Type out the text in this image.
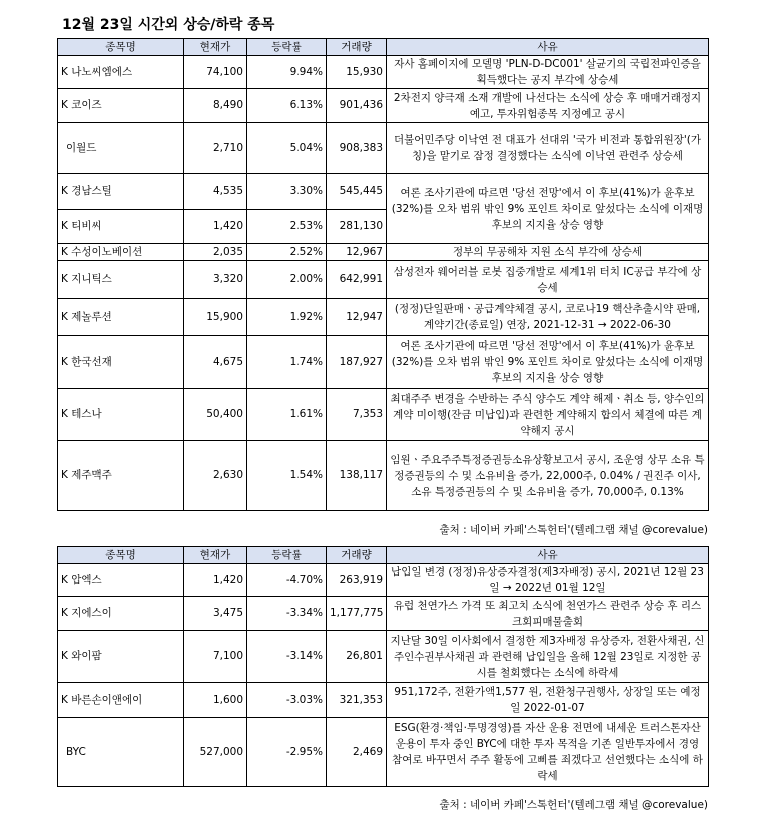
12월 23일 시간외 상승/하락 종목
종목명	현재가	등락률	거래량	사유
K 나노씨엠에스	74,100	9.94%	15,930	자사 홈페이지에 모델명 'PLN-D-DC001' 살균기의 국립전파인증을 획득했다는 공지 부각에 상승세
K 코이즈	8,490	6.13%	901,436	2차전지 양극재 소재 개발에 나선다는 소식에 상승 후 매매거래정지 예고, 투자위험종목 지정예고 공시
이월드	2,710	5.04%	908,383	더불어민주당 이낙연 전 대표가 선대위 '국가 비전과 통합위원장'(가칭)을 맡기로 잠정 결정했다는 소식에 이낙연 관련주 상승세
K 경남스틸	4,535	3.30%	545,445	여론 조사기관에 따르면 '당선 전망'에서 이 후보(41%)가 윤후보(32%)를 오차 범위 밖인 9% 포인트 차이로 앞섰다는 소식에 이재명 후보의 지지율 상승 영향
K 티비씨	1,420	2.53%	281,130	
K 수성이노베이션	2,035	2.52%	12,967	정부의 무공해차 지원 소식 부각에 상승세
K 지니틱스	3,320	2.00%	642,991	삼성전자 웨어러블 로봇 집중개발로 세계1위 터치 IC공급 부각에 상승세
K 제놀루션	15,900	1.92%	12,947	(정정)단일판매ㆍ공급계약체결 공시, 코로나19 핵산추출시약 판매, 계약기간(종료일) 연장, 2021-12-31 → 2022-06-30
K 한국선재	4,675	1.74%	187,927	여론 조사기관에 따르면 '당선 전망'에서 이 후보(41%)가 윤후보(32%)를 오차 범위 밖인 9% 포인트 차이로 앞섰다는 소식에 이재명 후보의 지지율 상승 영향
K 테스나	50,400	1.61%	7,353	최대주주 변경을 수반하는 주식 양수도 계약 해제ㆍ취소 등, 양수인의 계약 미이행(잔금 미납입)과 관련한 계약해지 합의서 체결에 따른 계약해지 공시
K 제주맥주	2,630	1.54%	138,117	임원ㆍ주요주주특정증권등소유상황보고서 공시, 조운영 상무 소유 특정증권등의 수 및 소유비율 증가, 22,000주, 0.04% / 권진주 이사, 소유 특정증권등의 수 및 소유비율 증가, 70,000주, 0.13%
출처 : 네이버 카페'스톡헌터'(텔레그램 채널 @corevalue)
종목명	현재가	등락률	거래량	사유
K 압엑스	1,420	-4.70%	263,919	납입일 변경 (정정)유상증자결정(제3자배정) 공시, 2021년 12월 23일 → 2022년 01월 12일
K 지에스이	3,475	-3.34%	1,177,775	유럽 천연가스 가격 또 최고치 소식에 천연가스 관련주 상승 후 리스크회피매물출회
K 와이팜	7,100	-3.14%	26,801	지난달 30일 이사회에서 결정한 제3자배정 유상증자, 전환사채권, 신주인수권부사채권 과 관련해 납입일을 올해 12월 23일로 지정한 공시를 철회했다는 소식에 하락세
K 바른손이앤에이	1,600	-3.03%	321,353	951,172주, 전환가액1,577 원, 전환청구권행사, 상장일 또는 예정일 2022-01-07
BYC	527,000	-2.95%	2,469	ESG(환경·책임·투명경영)를 자산 운용 전면에 내세운 트러스톤자산운용이 투자 중인 BYC에 대한 투자 목적을 기존 일반투자에서 경영 참여로 바꾸면서 주주 활동에 고삐를 죄겠다고 선언했다는 소식에 하락세
출처 : 네이버 카페'스톡헌터'(텔레그램 채널 @corevalue)
